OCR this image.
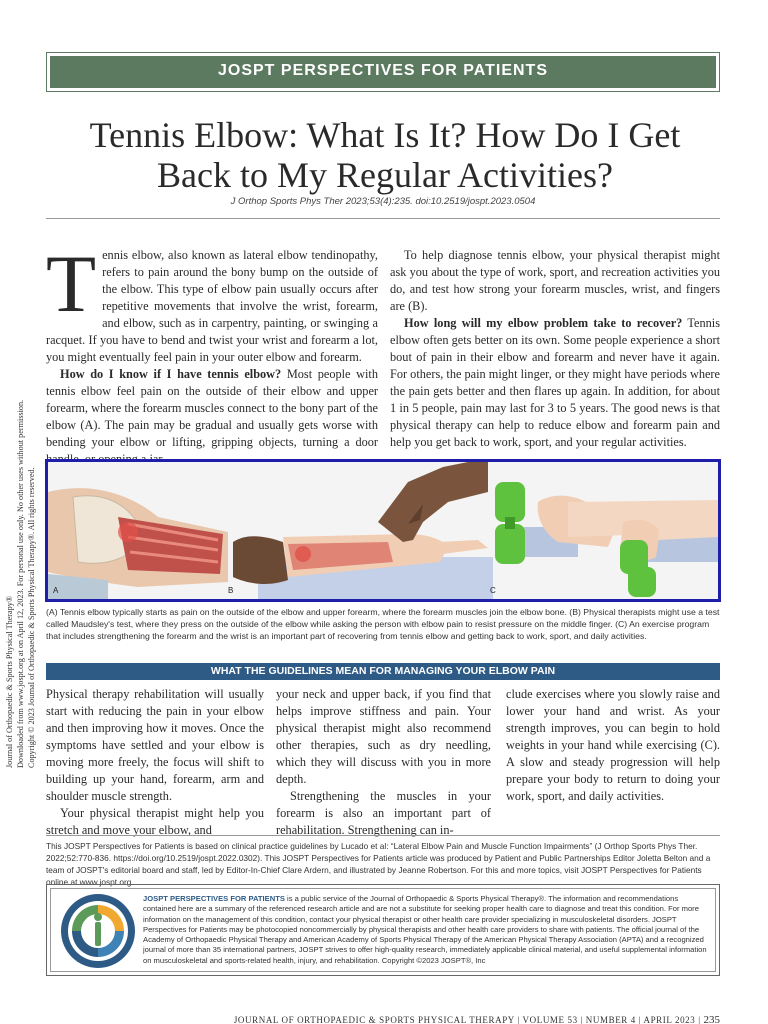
JOSPT PERSPECTIVES FOR PATIENTS
Tennis Elbow: What Is It? How Do I Get
Back to My Regular Activities?
J Orthop Sports Phys Ther 2023;53(4):235. doi:10.2519/jospt.2023.0504
Journal of Orthopaedic & Sports Physical Therapy® Downloaded from www.jospt.org at on April 12, 2023. For personal use only. No other uses without permission. Copyright © 2023 Journal of Orthopaedic & Sports Physical Therapy®. All rights reserved.

Tennis elbow, also known as lateral elbow tendinopathy, refers to pain around the bony bump on the outside of the elbow. This type of elbow pain usually occurs after repetitive movements that involve the wrist, forearm, and elbow, such as in carpentry, painting, or swinging a racquet. If you have to bend and twist your wrist and forearm a lot, you might eventually feel pain in your outer elbow and forearm.

How do I know if I have tennis elbow? Most people with tennis elbow feel pain on the outside of their elbow and upper forearm, where the forearm muscles connect to the bony part of the elbow (A). The pain may be gradual and usually gets worse with bending your elbow or lifting, gripping objects, turning a door

To help diagnose tennis elbow, your physical therapist might ask you about the type of work, sport, and recreation activities you do, and test how strong your forearm muscles, wrist, and fingers are (B).

How long will my elbow problem take to recover? Tennis elbow often gets better on its own. Some people experience a short bout of pain in their elbow and forearm and never have it again. For others, the pain might linger, or they might have periods where the pain gets better and then flares up again. In addition, for about 1 in 5 people, pain may last for 3 to 5 years. The good news is that physical therapy can help to reduce elbow and forearm pain and help you get back to work, sport, and your regular activities.

A	B	C
(A) Tennis elbow typically starts as pain on the outside of the elbow and upper forearm, where the forearm muscles join the elbow bone. (B) Physical therapists might use a test called Maudsley's test, where they press on the outside of the elbow while asking the person with elbow pain to resist pressure on the middle finger. (C) An exercise program that includes strengthening the forearm and the wrist is an important part of recovering from tennis elbow and getting back to work, sport, and daily activities.
WHAT THE GUIDELINES MEAN FOR MANAGING YOUR ELBOW PAIN

Physical therapy rehabilitation will usually start with reducing the pain in your elbow and then improving how it moves. Once the symptoms have settled and your elbow is moving more freely, the focus will shift to building up your hand, forearm, arm and shoulder muscle strength.

Your physical therapist might help you stretch and move your elbow, and

your neck and upper back, if you find that helps improve stiffness and pain. Your physical therapist might also recommend other therapies, such as dry needling, which they will discuss with you in more depth.

Strengthening the muscles in your forearm is also an important part of rehabilitation. Strengthening can in-

clude exercises where you slowly raise and lower your hand and wrist. As your strength improves, you can begin to hold weights in your hand while exercising (C). A slow and steady progression will help prepare your body to return to doing your work, sport, and daily activities.

This JOSPT Perspectives for Patients is based on clinical practice guidelines by Lucado et al: “Lateral Elbow Pain and Muscle Function Impairments” (J Orthop Sports Phys Ther. 2022;52:770-836. https://doi.org/10.2519/jospt.2022.0302). This JOSPT Perspectives for Patients article was produced by Patient and Public Partnerships Editor Joletta Belton and a team of JOSPT's editorial board and staff, led by Editor-In-Chief Clare Ardern, and illustrated by Jeanne Robertson. For this and more topics, visit JOSPT Perspectives for Patients online at www.jospt.org.
JOSPT PERSPECTIVES FOR PATIENTS is a public service of the Journal of Orthopaedic & Sports Physical Therapy®. The information and recommendations contained here are a summary of the referenced research article and are not a substitute for seeking proper health care to diagnose and treat this condition. For more information on the management of this condition, contact your physical therapist or other health care provider specializing in musculoskeletal disorders. JOSPT Perspectives for Patients may be photocopied noncommercially by physical therapists and other health care providers to share with patients. The official journal of the Academy of Orthopaedic Physical Therapy and American Academy of Sports Physical Therapy of the American Physical Therapy Association (APTA) and a recognized journal of more than 35 international partners, JOSPT strives to offer high-quality research, immediately applicable clinical material, and useful supplemental information on musculoskeletal and sports-related health, injury, and rehabilitation. Copyright ©2023 JOSPT®, Inc
JOURNAL OF ORTHOPAEDIC & SPORTS PHYSICAL THERAPY | VOLUME 53 | NUMBER 4 | APRIL 2023 | 235
